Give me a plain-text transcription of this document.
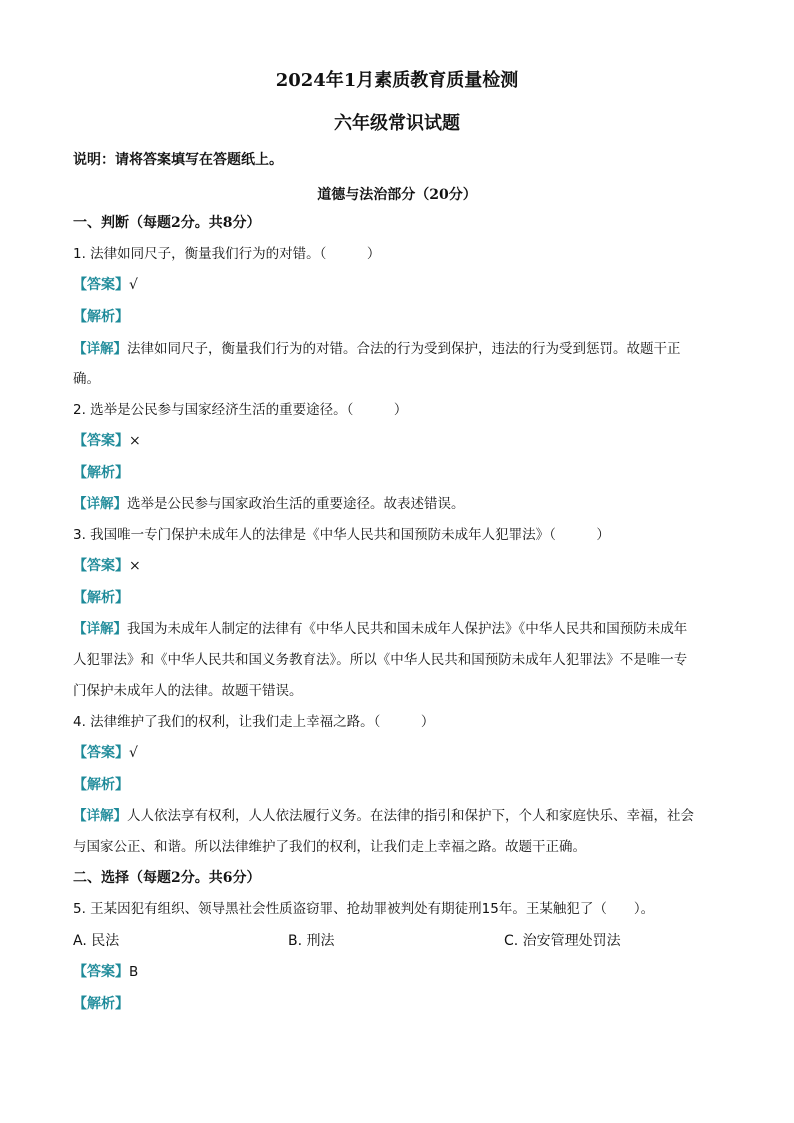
2024年1月素质教育质量检测
六年级常识试题
说明：请将答案填写在答题纸上。
道德与法治部分（20分）
一、判断（每题2分。共8分）
1. 法律如同尺子，衡量我们行为的对错。（　　　）
【答案】√
【解析】
【详解】法律如同尺子，衡量我们行为的对错。合法的行为受到保护，违法的行为受到惩罚。故题干正
确。
2. 选举是公民参与国家经济生活的重要途径。（　　　）
【答案】×
【解析】
【详解】选举是公民参与国家政治生活的重要途径。故表述错误。
3. 我国唯一专门保护未成年人的法律是《中华人民共和国预防未成年人犯罪法》（　　　）
【答案】×
【解析】
【详解】我国为未成年人制定的法律有《中华人民共和国未成年人保护法》《中华人民共和国预防未成年
人犯罪法》和《中华人民共和国义务教育法》。所以《中华人民共和国预防未成年人犯罪法》不是唯一专
门保护未成年人的法律。故题干错误。
4. 法律维护了我们的权利，让我们走上幸福之路。（　　　）
【答案】√
【解析】
【详解】人人依法享有权利，人人依法履行义务。在法律的指引和保护下，个人和家庭快乐、幸福，社会
与国家公正、和谐。所以法律维护了我们的权利，让我们走上幸福之路。故题干正确。
二、选择（每题2分。共6分）
5. 王某因犯有组织、领导黑社会性质盗窃罪、抢劫罪被判处有期徒刑15年。王某触犯了（　　）。
A. 民法	B. 刑法	C. 治安管理处罚法
【答案】B
【解析】
